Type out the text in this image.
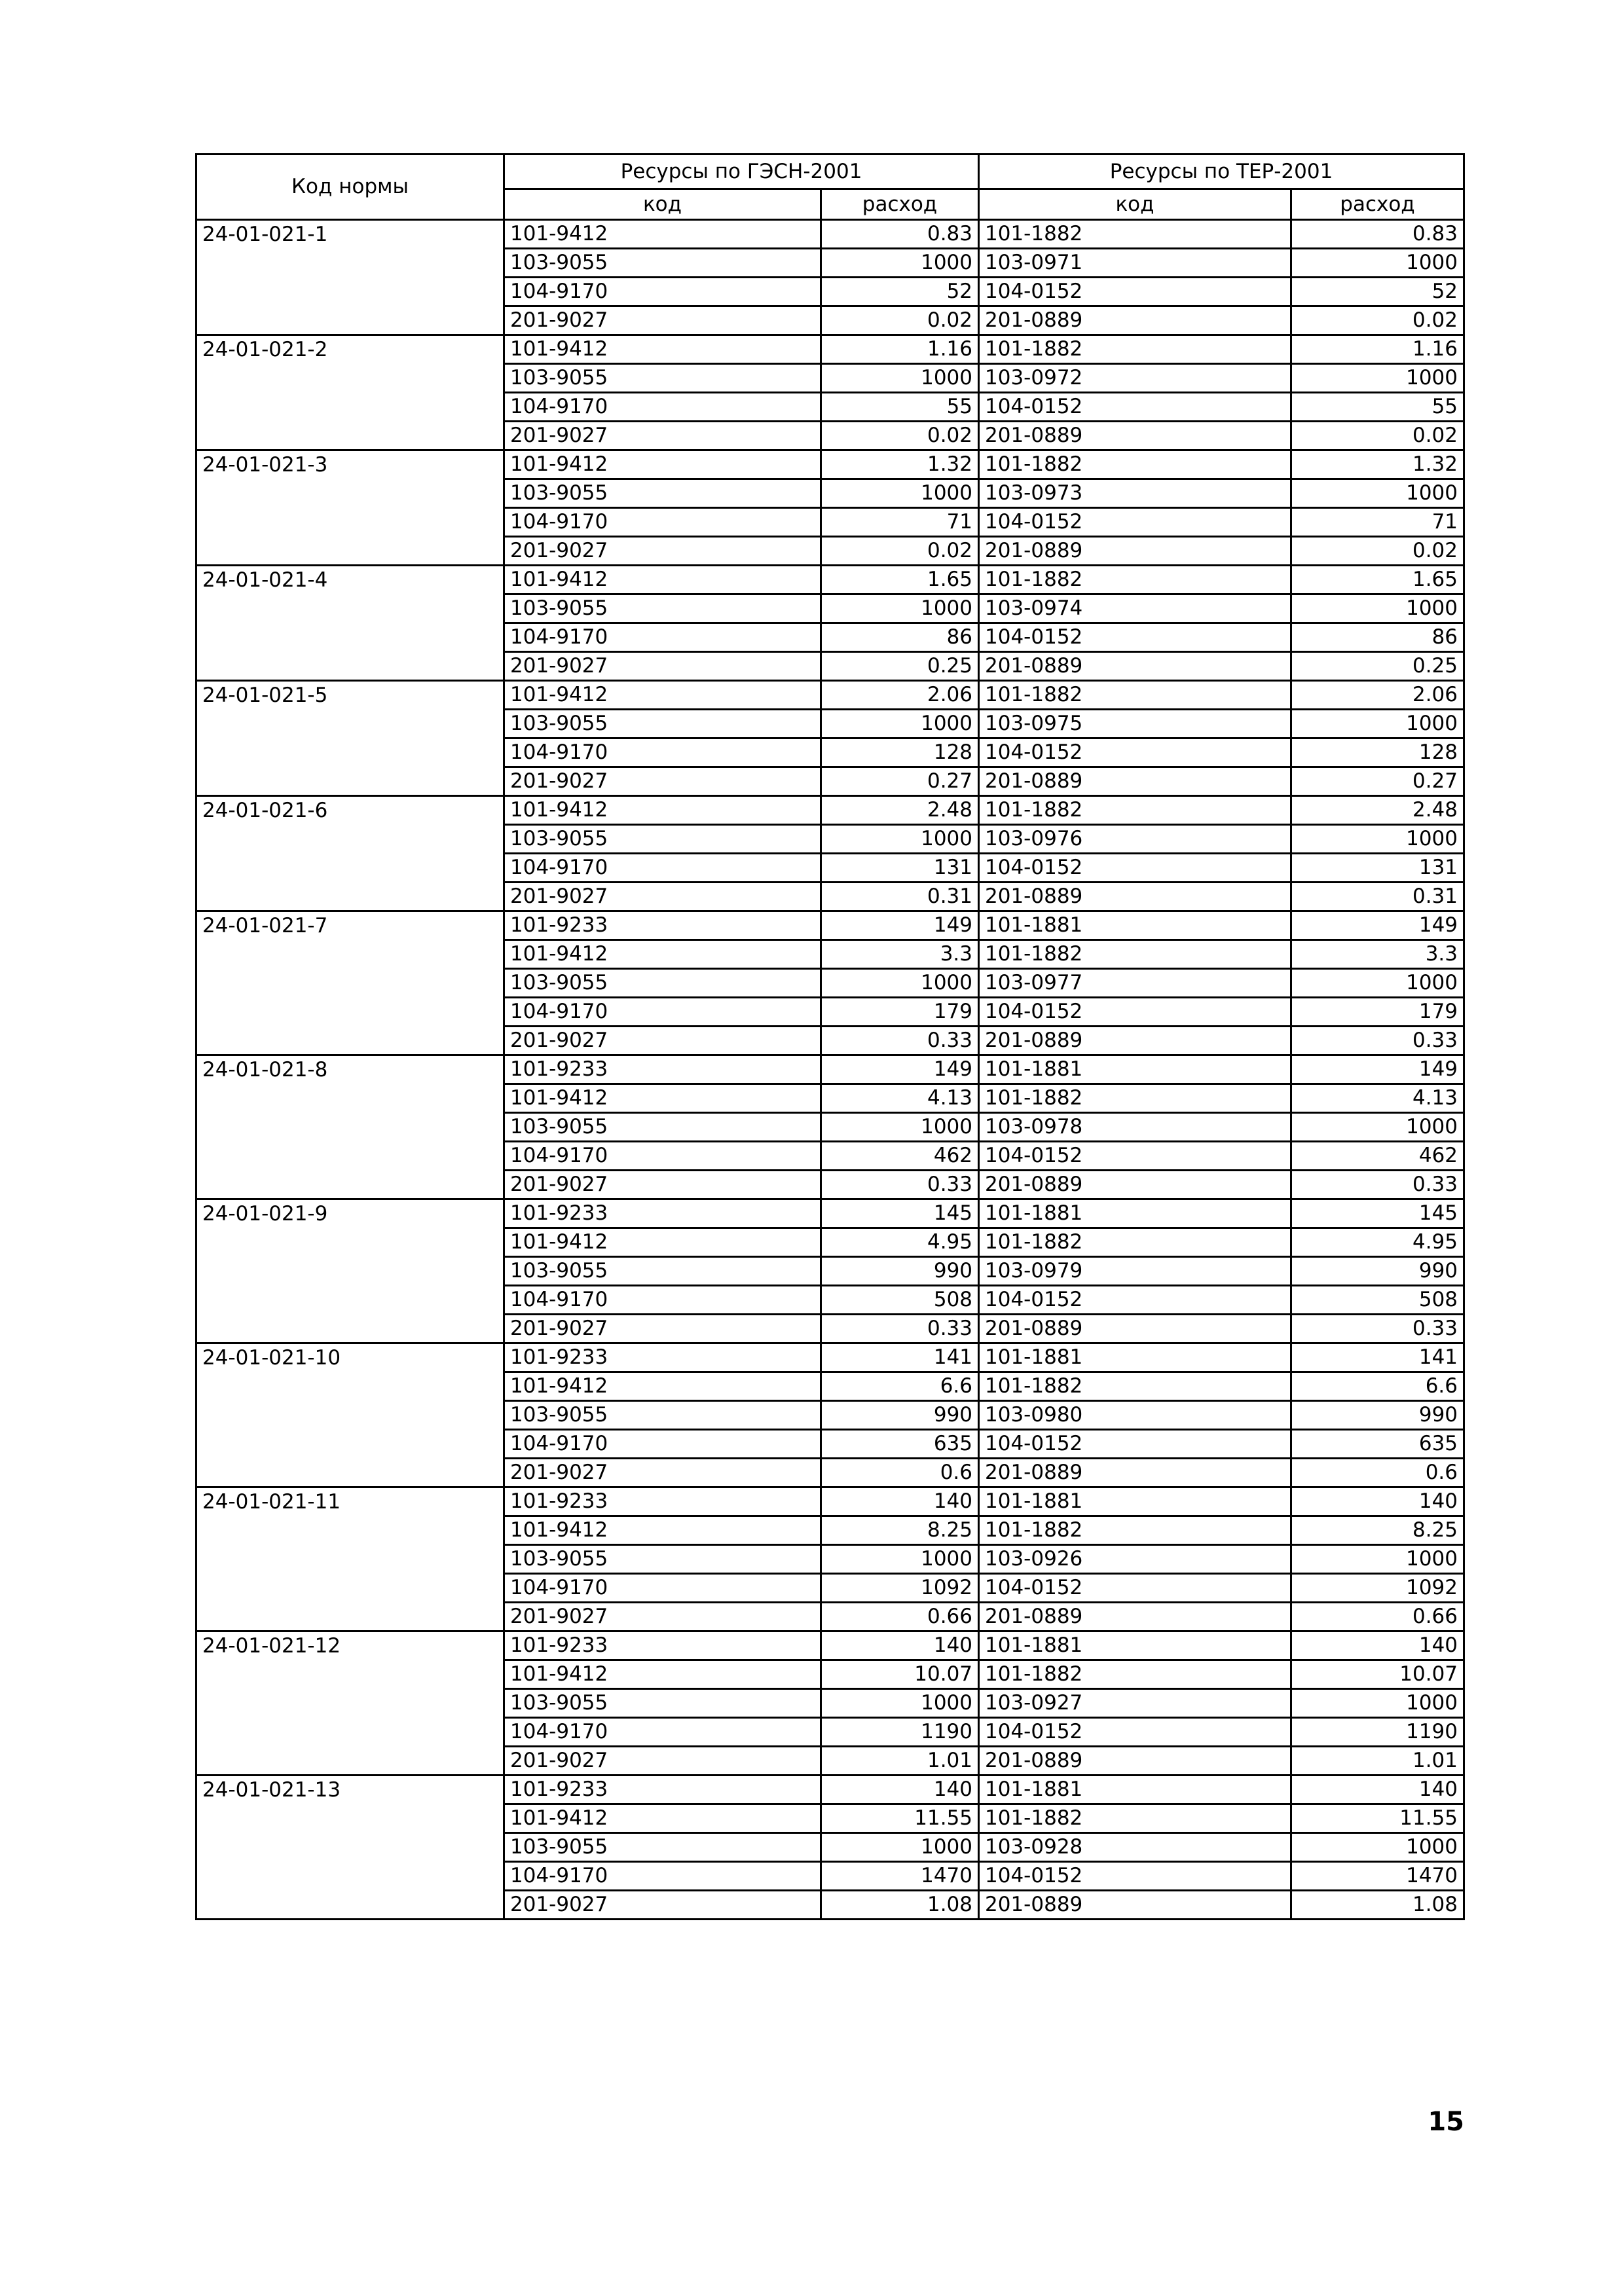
Код нормы	Ресурсы по ГЭСН-2001		Ресурсы по ТЕР-2001	
	код	расход	код	расход
24-01-021-1	101-9412	0.83	101-1882	0.83
	103-9055	1000	103-0971	1000
	104-9170	52	104-0152	52
	201-9027	0.02	201-0889	0.02
24-01-021-2	101-9412	1.16	101-1882	1.16
	103-9055	1000	103-0972	1000
	104-9170	55	104-0152	55
	201-9027	0.02	201-0889	0.02
24-01-021-3	101-9412	1.32	101-1882	1.32
	103-9055	1000	103-0973	1000
	104-9170	71	104-0152	71
	201-9027	0.02	201-0889	0.02
24-01-021-4	101-9412	1.65	101-1882	1.65
	103-9055	1000	103-0974	1000
	104-9170	86	104-0152	86
	201-9027	0.25	201-0889	0.25
24-01-021-5	101-9412	2.06	101-1882	2.06
	103-9055	1000	103-0975	1000
	104-9170	128	104-0152	128
	201-9027	0.27	201-0889	0.27
24-01-021-6	101-9412	2.48	101-1882	2.48
	103-9055	1000	103-0976	1000
	104-9170	131	104-0152	131
	201-9027	0.31	201-0889	0.31
24-01-021-7	101-9233	149	101-1881	149
	101-9412	3.3	101-1882	3.3
	103-9055	1000	103-0977	1000
	104-9170	179	104-0152	179
	201-9027	0.33	201-0889	0.33
24-01-021-8	101-9233	149	101-1881	149
	101-9412	4.13	101-1882	4.13
	103-9055	1000	103-0978	1000
	104-9170	462	104-0152	462
	201-9027	0.33	201-0889	0.33
24-01-021-9	101-9233	145	101-1881	145
	101-9412	4.95	101-1882	4.95
	103-9055	990	103-0979	990
	104-9170	508	104-0152	508
	201-9027	0.33	201-0889	0.33
24-01-021-10	101-9233	141	101-1881	141
	101-9412	6.6	101-1882	6.6
	103-9055	990	103-0980	990
	104-9170	635	104-0152	635
	201-9027	0.6	201-0889	0.6
24-01-021-11	101-9233	140	101-1881	140
	101-9412	8.25	101-1882	8.25
	103-9055	1000	103-0926	1000
	104-9170	1092	104-0152	1092
	201-9027	0.66	201-0889	0.66
24-01-021-12	101-9233	140	101-1881	140
	101-9412	10.07	101-1882	10.07
	103-9055	1000	103-0927	1000
	104-9170	1190	104-0152	1190
	201-9027	1.01	201-0889	1.01
24-01-021-13	101-9233	140	101-1881	140
	101-9412	11.55	101-1882	11.55
	103-9055	1000	103-0928	1000
	104-9170	1470	104-0152	1470
	201-9027	1.08	201-0889	1.08
15
